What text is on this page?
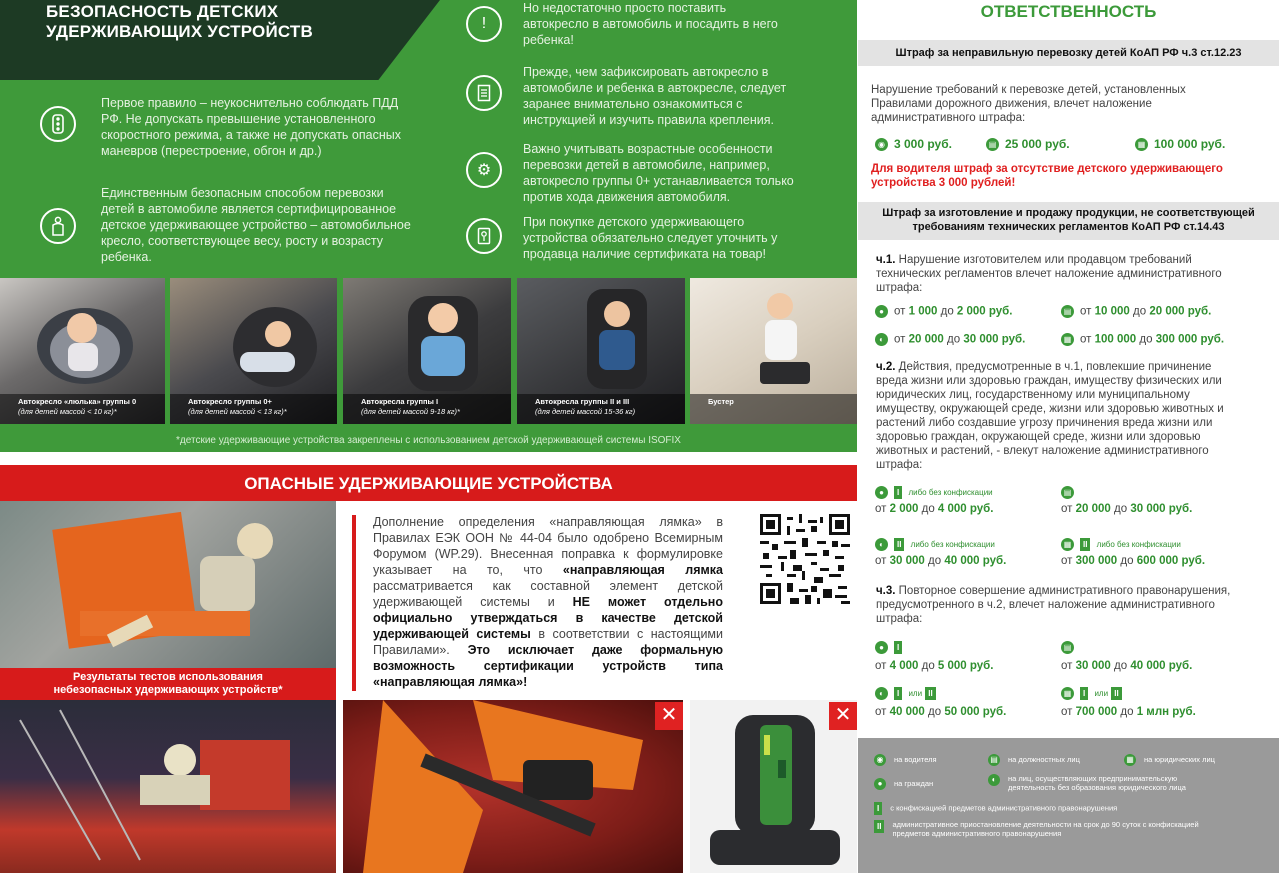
БЕЗОПАСНОСТЬ ДЕТСКИХ
УДЕРЖИВАЮЩИХ УСТРОЙСТВ
Первое правило – неукоснительно соблюдать ПДД РФ. Не допускать превышение установленного скоростного режима, а также не допускать опасных маневров (перестроение, обгон и др.)
Единственным безопасным способом перевозки детей в автомобиле является сертифицированное детское удерживающее устройство – автомобильное кресло, соответствующее весу, росту и возрасту ребенка.
!
Но недостаточно просто поставить автокресло в автомобиль и посадить в него ребенка!
Прежде, чем зафиксировать автокресло в автомобиле и ребенка в автокресле, следует заранее внимательно ознакомиться с инструкцией и изучить правила крепления.
⚙
Важно учитывать возрастные особенности перевозки детей в автомобиле, например, автокресло группы 0+ устанавливается только против хода движения автомобиля.
При покупке детского удерживающего устройства обязательно следует уточнить у продавца наличие сертификата на товар!
Автокресло «люлька» группы 0
(для детей массой < 10 кг)*
Автокресло группы 0+
(для детей массой < 13 кг)*
Автокресла группы I
(для детей массой 9-18 кг)*
Автокресла группы II и III
(для детей массой 15-36 кг)
Бустер
*детские удерживающие устройства закреплены с использованием детской удерживающей системы ISOFIX
ОПАСНЫЕ УДЕРЖИВАЮЩИЕ УСТРОЙСТВА
Результаты тестов использования
небезопасных удерживающих устройств*
Дополнение определения «направляющая лямка» в Правилах ЕЭК ООН № 44-04 было одобрено Всемирным Форумом (WP.29). Внесенная поправка к формулировке указывает на то, что «направляющая лямка рассматривается как составной элемент детской удерживающей системы и НЕ может отдельно официально утверждаться в качестве детской удерживающей системы в соответствии с настоящими Правилами». Это исключает даже формальную возможность сертификации устройств типа «направляющая лямка»!
✕	✕
ОТВЕТСТВЕННОСТЬ
Штраф за неправильную перевозку детей КоАП РФ ч.3 ст.12.23
Нарушение требований к перевозке детей, установленных Правилами дорожного движения, влечет наложение административного штрафа:
◉ 3 000 руб.	▤ 25 000 руб.	▦ 100 000 руб.
Для водителя штраф за отсутствие детского удерживающего устройства 3 000 рублей!
Штраф за изготовление и продажу продукции, не соответствующей
требованиям технических регламентов КоАП РФ ст.14.43
ч.1. Нарушение изготовителем или продавцом требований технических регламентов влечет наложение административного штрафа:
● от 1 000 до 2 000 руб.	▤ от 10 000 до 20 000 руб.
◐ от 20 000 до 30 000 руб.	▦ от 100 000 до 300 000 руб.
ч.2. Действия, предусмотренные в ч.1, повлекшие причинение вреда жизни или здоровью граждан, имуществу физических или юридических лиц, государственному или муниципальному имуществу, окружающей среде, жизни или здоровью животных и растений либо создавшие угрозу причинения вреда жизни или здоровью граждан, окружающей среде, жизни или здоровью животных и растений, - влекут наложение административного штрафа:
● I либо без конфискации	▤
от 2 000 до 4 000 руб.	от 20 000 до 30 000 руб.
◐ II либо без конфискации	▦ II либо без конфискации
от 30 000 до 40 000 руб.	от 300 000 до 600 000 руб.
ч.3. Повторное совершение административного правонарушения, предусмотренного в ч.2, влечет наложение административного штрафа:
● I	▤
от 4 000 до 5 000 руб.	от 30 000 до 40 000 руб.
◐ I или II	▦ I или II
от 40 000 до 50 000 руб.	от 700 000 до 1 млн руб.
◉ на водителя	▤ на должностных лиц	▦ на юридических лиц
● на граждан	◐	на лиц, осуществляющих предпринимательскую деятельность без образования юридического лица
I с конфискацией предметов административного правонарушения
II	административное приостановление деятельности на срок до 90 суток с конфискацией предметов административного правонарушения
